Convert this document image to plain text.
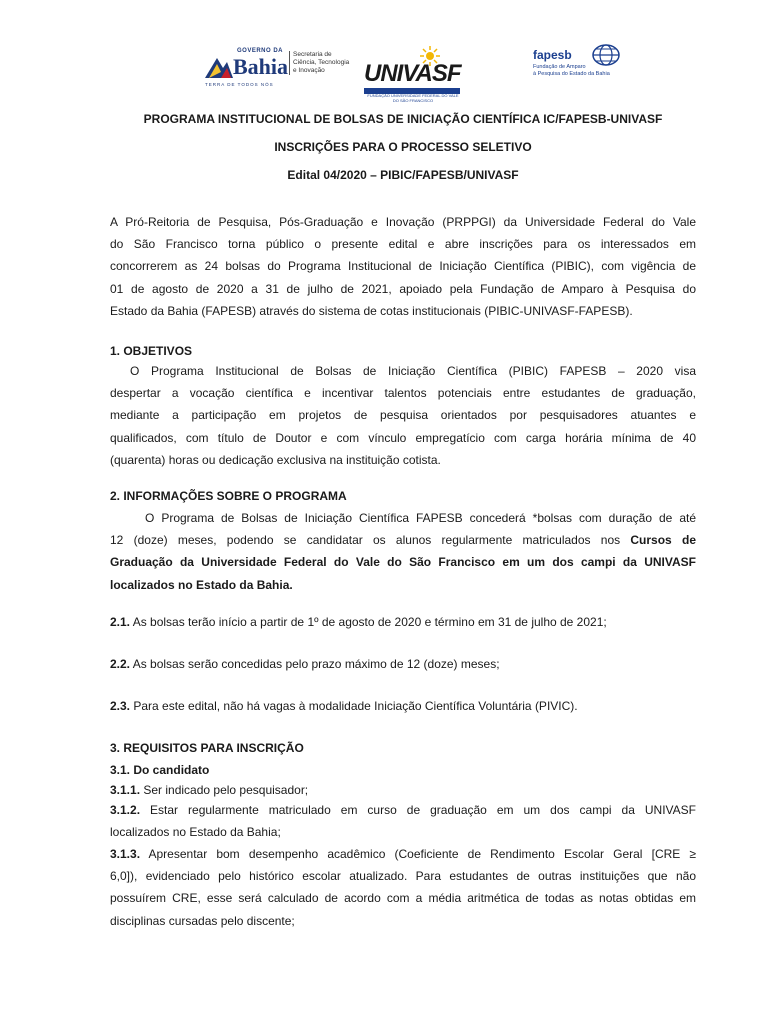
GOVERNO DA
Bahia
TERRA DE TODOS NÓS
Secretaria de
Ciência, Tecnologia
e Inovação	UNIVASF
FUNDAÇÃO UNIVERSIDADE FEDERAL DO VALE DO SÃO FRANCISCO
fapesb
Fundação de Amparo
à Pesquisa do Estado da Bahia
PROGRAMA INSTITUCIONAL DE BOLSAS DE INICIAÇÃO CIENTÍFICA IC/FAPESB-UNIVASF
INSCRIÇÕES PARA O PROCESSO SELETIVO
Edital 04/2020 – PIBIC/FAPESB/UNIVASF
A Pró-Reitoria de Pesquisa, Pós-Graduação e Inovação (PRPPGI) da Universidade Federal do Vale
do São Francisco torna público o presente edital e abre inscrições para os interessados em
concorrerem as 24 bolsas do Programa Institucional de Iniciação Científica (PIBIC), com vigência de
01 de agosto de 2020 a 31 de julho de 2021, apoiado pela Fundação de Amparo à Pesquisa do
Estado da Bahia (FAPESB) através do sistema de cotas institucionais (PIBIC-UNIVASF-FAPESB).
1. OBJETIVOS
O Programa Institucional de Bolsas de Iniciação Científica (PIBIC) FAPESB – 2020 visa
despertar a vocação científica e incentivar talentos potenciais entre estudantes de graduação,
mediante a participação em projetos de pesquisa orientados por pesquisadores atuantes e
qualificados, com título de Doutor e com vínculo empregatício com carga horária mínima de 40
(quarenta) horas ou dedicação exclusiva na instituição cotista.
2. INFORMAÇÕES SOBRE O PROGRAMA
O Programa de Bolsas de Iniciação Científica FAPESB concederá *bolsas com duração de até
12 (doze) meses, podendo se candidatar os alunos regularmente matriculados nos Cursos de
Graduação da Universidade Federal do Vale do São Francisco em um dos campi da UNIVASF
localizados no Estado da Bahia.
2.1. As bolsas terão início a partir de 1º de agosto de 2020 e término em 31 de julho de 2021;
2.2. As bolsas serão concedidas pelo prazo máximo de 12 (doze) meses;
2.3. Para este edital, não há vagas à modalidade Iniciação Científica Voluntária (PIVIC).
3. REQUISITOS PARA INSCRIÇÃO
3.1. Do candidato
3.1.1. Ser indicado pelo pesquisador;
3.1.2. Estar regularmente matriculado em curso de graduação em um dos campi da UNIVASF
localizados no Estado da Bahia;
3.1.3. Apresentar bom desempenho acadêmico (Coeficiente de Rendimento Escolar Geral [CRE ≥
6,0]), evidenciado pelo histórico escolar atualizado. Para estudantes de outras instituições que não
possuírem CRE, esse será calculado de acordo com a média aritmética de todas as notas obtidas em
disciplinas cursadas pelo discente;
